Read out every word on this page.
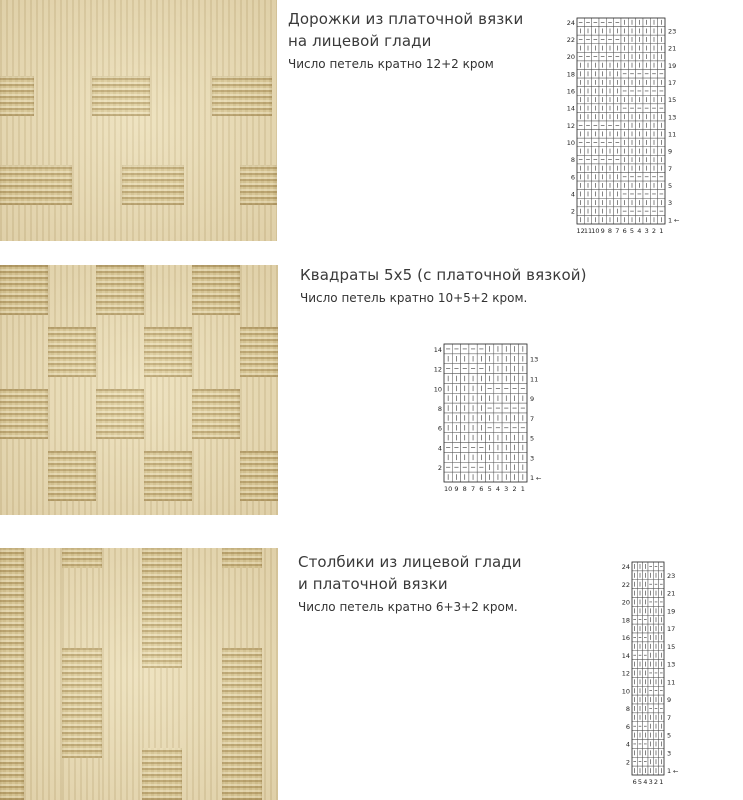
Дорожки из платочной вязки
на лицевой глади
Число петель кратно 12+2 кром
24
22
20
18
16
14
12
10
8
6
4
2
23
21
19
17
15
13
11
9
7
5
3
1 ←
12 11 10 9 8 7 6 5 4 3 2 1
Квадраты 5x5 (с платочной вязкой)
Число петель кратно 10+5+2 кром.
14
12
10
8
6
4
2
13
11
9
7
5
3
1 ←
10 9 8 7 6 5 4 3 2 1
Столбики из лицевой глади
и платочной вязки
Число петель кратно 6+3+2 кром.
24
22
20
18
16
14
12
10
8
6
4
2
23
21
19
17
15
13
11
9
7
5
3
1 ←
6 5 4 3 2 1
